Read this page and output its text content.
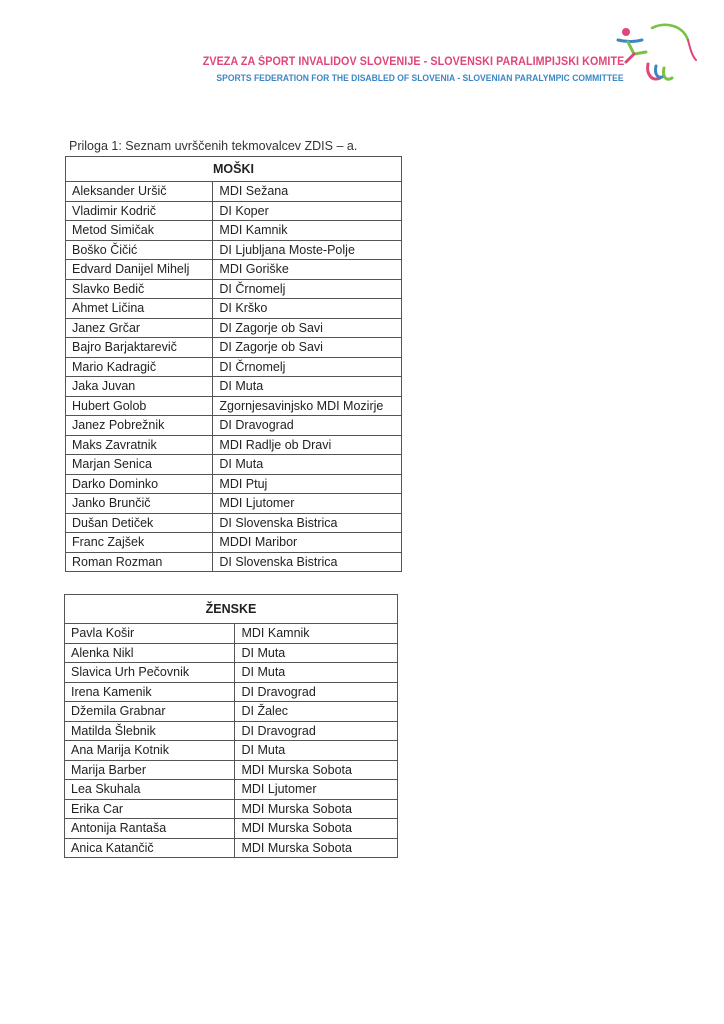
ZVEZA ZA ŠPORT INVALIDOV SLOVENIJE - SLOVENSKI PARALIMPIJSKI KOMITE
SPORTS FEDERATION FOR THE DISABLED OF SLOVENIA - SLOVENIAN PARALYMPIC COMMITTEE
Priloga 1: Seznam uvrščenih tekmovalcev ZDIS – a.
MOŠKI	
Aleksander Uršič	MDI Sežana
Vladimir Kodrič	DI Koper
Metod Simičak	MDI Kamnik
Boško Čičić	DI Ljubljana Moste-Polje
Edvard Danijel Mihelj	MDI Goriške
Slavko Bedič	DI Črnomelj
Ahmet Ličina	DI Krško
Janez Grčar	DI Zagorje ob Savi
Bajro Barjaktarevič	DI Zagorje ob Savi
Mario Kadragič	DI Črnomelj
Jaka Juvan	DI Muta
Hubert Golob	Zgornjesavinjsko MDI Mozirje
Janez Pobrežnik	DI Dravograd
Maks Zavratnik	MDI Radlje ob Dravi
Marjan Senica	DI Muta
Darko Dominko	MDI Ptuj
Janko Brunčič	MDI Ljutomer
Dušan Detiček	DI Slovenska Bistrica
Franc Zajšek	MDDI Maribor
Roman Rozman	DI Slovenska Bistrica
ŽENSKE	
Pavla Košir	MDI Kamnik
Alenka Nikl	DI Muta
Slavica Urh Pečovnik	DI Muta
Irena Kamenik	DI Dravograd
Džemila Grabnar	DI Žalec
Matilda Šlebnik	DI Dravograd
Ana Marija Kotnik	DI Muta
Marija Barber	MDI Murska Sobota
Lea Skuhala	MDI Ljutomer
Erika Car	MDI Murska Sobota
Antonija Rantaša	MDI Murska Sobota
Anica Katančič	MDI Murska Sobota
